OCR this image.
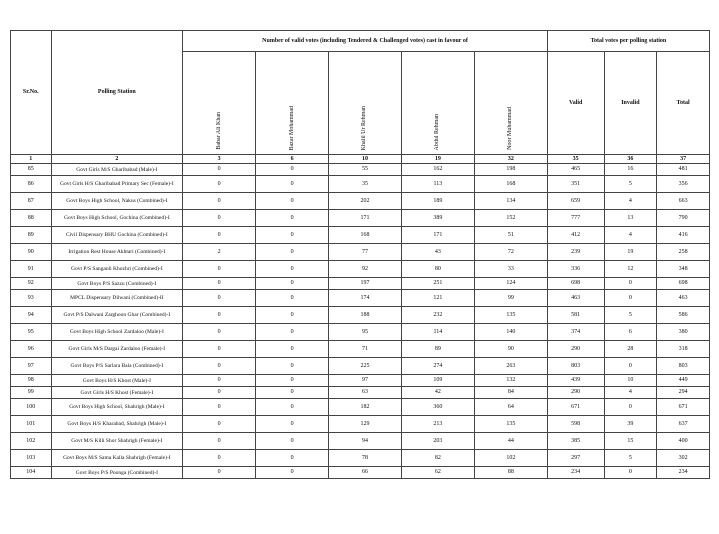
Sr.No.	Polling Station	Number of valid votes (including Tendered & Challenged votes) cast in favour of					Total votes per polling station		
		Babar Ali Khan	Bazar Mohammad	Khalil Ur Rehman	Abdul Rehman	Noor Muhammad	Valid	Invalid	Total
1	2	3	6	10	19	32	35	36	37
85	Govt Girls M/S Gharibabad (Male)-I	0	0	55	162	198	465	16	481
86	Govt Girls H/S Gharibabad Primary Sec (Female)-I	0	0	35	113	168	351	5	356
87	Govt Boys High School, Nakus (Combined)-I	0	0	202	189	134	659	4	663
88	Govt Boys High School, Gochina (Combined)-I	0	0	171	389	152	777	13	790
89	Civil Dispensary BHU Gochina (Combined)-I	0	0	168	171	51	412	4	416
90	Irrigation Rest House Akhtari (Combined)-I	2	0	77	43	72	239	19	258
91	Govt P/S Sanganli Khozhri (Combined)-I	0	0	92	80	33	336	12	348
92	Govt Boys P/S Sazzu (Combined)-I	0	0	197	251	124	698	0	698
93	MPCL Dispensary Dilwani (Combined)-II	0	0	174	121	99	463	0	463
94	Govt P/S Dalwani Zarghoon Ghar (Combined)-I	0	0	188	232	135	581	5	586
95	Govt Boys High School Zardaloo (Male)-I	0	0	95	114	140	374	6	380
96	Govt Girls M/S Dargai Zardaloo (Female)-I	0	0	71	89	90	290	28	318
97	Govt Boys P/S Sarlara Bala (Combined)-I	0	0	225	274	263	803	0	803
98	Govt Boys H/S Khost (Male)-I	0	0	97	109	132	439	10	449
99	Govt Girls H/S Khost (Female)-I	0	0	63	42	84	290	4	294
100	Govt Boys High School, Shahrigh (Male)-I	0	0	182	360	64	671	0	671
101	Govt Boys H/S Kharabad, Shahrigh (Male)-I	0	0	129	213	135	598	39	637
102	Govt M/S Killi Shor Shahrigh (Female)-I	0	0	94	203	44	385	15	400
103	Govt Boys M/S Sama Kalla Shahrigh (Female)-I	0	0	78	82	102	297	5	302
104	Govt Boys P/S Poonga (Combined)-I	0	0	66	62	88	234	0	234
